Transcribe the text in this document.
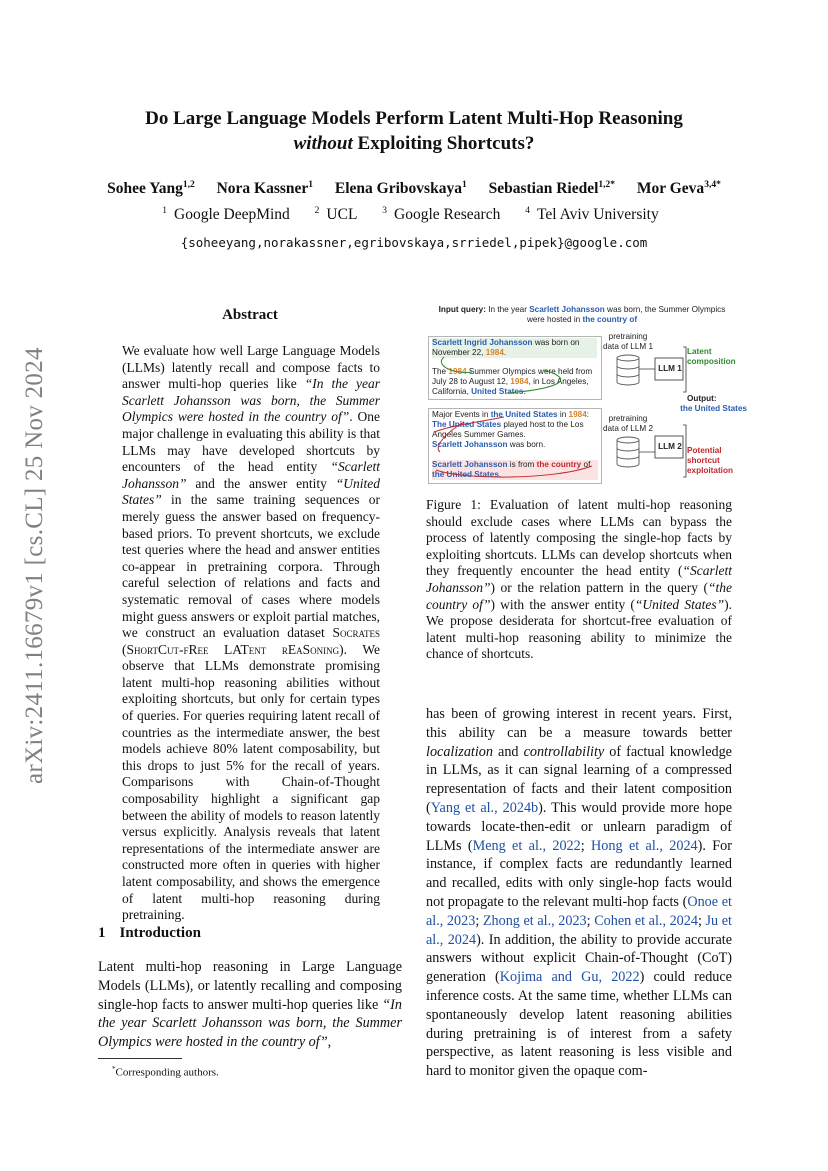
arXiv:2411.16679v1 [cs.CL] 25 Nov 2024
Do Large Language Models Perform Latent Multi-Hop Reasoning
without Exploiting Shortcuts?
Sohee Yang$^{1,2}$ Nora Kassner$^1$ Elena Gribovskaya$^1$ Sebastian Riedel$^{1,2*}$ Mor Geva$^{3,4*}$
$^1$ Google DeepMind	$^2$ UCL	$^3$ Google Research	$^4$ Tel Aviv University
{soheeyang,norakassner,egribovskaya,srriedel,pipek}@google.com
Abstract

We evaluate how well Large Language Models (LLMs) latently recall and compose facts to answer multi-hop queries like “In the year Scarlett Johansson was born, the Summer Olympics were hosted in the country of”. One major challenge in evaluating this ability is that LLMs may have developed shortcuts by encounters of the head entity “Scarlett Johansson” and the answer entity “United States” in the same training sequences or merely guess the answer based on frequency-based priors. To prevent shortcuts, we exclude test queries where the head and answer entities co-appear in pretraining corpora. Through careful selection of relations and facts and systematic removal of cases where models might guess answers or exploit partial matches, we construct an evaluation dataset Socrates (ShortCut-fRee LATent rEaSoning). We observe that LLMs demonstrate promising latent multi-hop reasoning abilities without exploiting shortcuts, but only for certain types of queries. For queries requiring latent recall of countries as the intermediate answer, the best models achieve 80% latent composability, but this drops to just 5% for the recall of years. Comparisons with Chain-of-Thought composability highlight a significant gap between the ability of models to reason latently versus explicitly. Analysis reveals that latent representations of the intermediate answer are constructed more often in queries with higher latent composability, and shows the emergence of latent multi-hop reasoning during pretraining.

1 Introduction

Latent multi-hop reasoning in Large Language Models (LLMs), or latently recalling and composing single-hop facts to answer multi-hop queries like “In the year Scarlett Johansson was born, the Summer Olympics were hosted in the country of”,

*Corresponding authors.
Input query: In the year Scarlett Johansson was born, the Summer Olympics
were hosted in the country of
Scarlett Ingrid Johansson was born on November 22, 1984.
The 1984 Summer Olympics were held from July 28 to August 12, 1984, in Los Angeles, California, United States.
pretraining data of LLM 1
Major Events in the United States in 1984:
The United States played host to the Los Angeles Summer Games.
Scarlett Johansson was born.
Scarlett Johansson is from the country of the United States.
pretraining data of LLM 2
LLM 1
LLM 2
Latent composition
Output:
the United States
Potential shortcut exploitation
Figure 1: Evaluation of latent multi-hop reasoning should exclude cases where LLMs can bypass the process of latently composing the single-hop facts by exploiting shortcuts. LLMs can develop shortcuts when they frequently encounter the head entity (“Scarlett Johansson”) or the relation pattern in the query (“the country of”) with the answer entity (“United States”). We propose desiderata for shortcut-free evaluation of latent multi-hop reasoning ability to minimize the chance of shortcuts.
has been of growing interest in recent years. First, this ability can be a measure towards better localization and controllability of factual knowledge in LLMs, as it can signal learning of a compressed representation of facts and their latent composition (Yang et al., 2024b). This would provide more hope towards locate-then-edit or unlearn paradigm of LLMs (Meng et al., 2022; Hong et al., 2024). For instance, if complex facts are redundantly learned and recalled, edits with only single-hop facts would not propagate to the relevant multi-hop facts (Onoe et al., 2023; Zhong et al., 2023; Cohen et al., 2024; Ju et al., 2024). In addition, the ability to provide accurate answers without explicit Chain-of-Thought (CoT) generation (Kojima and Gu, 2022) could reduce inference costs. At the same time, whether LLMs can spontaneously develop latent reasoning abilities during pretraining is of interest from a safety perspective, as latent reasoning is less visible and hard to monitor given the opaque com-
